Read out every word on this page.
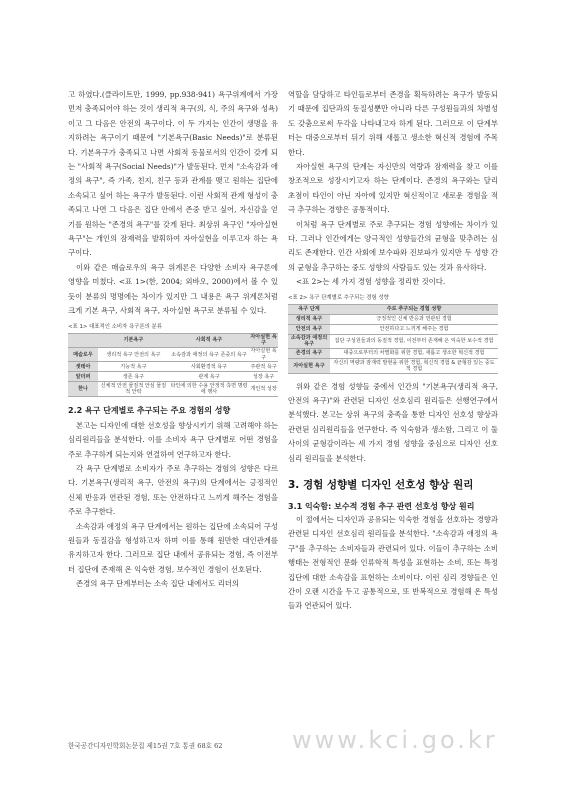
고 하였다.(클라이트만, 1999, pp.938-941) 욕구위계에서 가장 먼저 충족되어야 하는 것이 생리적 욕구(의, 식, 주의 욕구와 성욕)이고 그 다음은 안전의 욕구이다. 이 두 가지는 인간이 생명을 유지하려는 욕구이기 때문에 "기본욕구(Basic Needs)"로 분류된다. 기본욕구가 충족되고 나면 사회적 동물로서의 인간이 갖게 되는 "사회적 욕구(Social Needs)"가 발동된다. 먼저 "소속감과 애정의 욕구", 즉 가족, 친지, 친구 등과 관계를 맺고 원하는 집단에 소속되고 싶어 하는 욕구가 발동된다. 이런 사회적 관계 형성이 충족되고 나면 그 다음은 집단 안에서 존중 받고 싶어, 자신감을 얻기를 원하는 "존경의 욕구"를 갖게 된다. 최상위 욕구인 "자아실현 욕구"는 개인의 잠재력을 발휘하여 자아실현을 이루고자 하는 욕구이다.

이와 같은 매슬로우의 욕구 위계론은 다양한 소비자 욕구론에 영향을 미쳤다. <표 1>(한, 2004; 외바오, 2000)에서 볼 수 있듯이 분류의 명명에는 차이가 있지만 그 내용은 욕구 위계론처럼 크게 기본 욕구, 사회적 욕구, 자아실현 욕구로 분류될 수 있다.

<표 1> 대표적인 소비자 욕구론의 분류
	기본욕구	사회적 욕구	자아실현 욕구
매슬로우	생리적 욕구 안전의 욕구	소속감과 애정의 욕구 존중의 욕구	자아실현 욕구
셋테아	기능적 욕구	사회환경적 욕구	주관적 욕구
알더퍼	생존 욕구	관계 욕구	성장 욕구
한나	신체적 안전 물질적 안심 물질적 안락	타인에 의한 수용 안정적 측면 명령에 행사	개인적 성장
2.2 욕구 단계별로 추구되는 주요 경험의 성향

본고는 디자인에 대한 선호성을 향상시키기 위해 고려해야 하는 심리원리들을 분석한다. 이를 소비자 욕구 단계별로 어떤 경험을 주로 추구하게 되는지와 연결하여 연구하고자 한다.

각 욕구 단계별로 소비자가 주로 추구하는 경험의 성향은 다르다. 기본욕구(생리적 욕구, 안전의 욕구)의 단계에서는 긍정적인 신체 반응과 연관된 경험, 또는 안전하다고 느끼게 해주는 경험을 주로 추구한다.

소속감과 애정의 욕구 단계에서는 원하는 집단에 소속되어 구성원들과 동질감을 형성하고자 하며 이를 통해 원만한 대인관계를 유지하고자 한다. 그러므로 집단 내에서 공유되는 경험, 즉 이전부터 집단에 존재해 온 익숙한 경험, 보수적인 경험이 선호된다.

존경의 욕구 단계부터는 소속 집단 내에서도 리더의

역할을 담당하고 타인들로부터 존경을 획득하려는 욕구가 발동되기 때문에 집단과의 동질성뿐만 아니라 다른 구성원들과의 차별성도 갖춤으로써 두각을 나타내고자 하게 된다. 그러므로 이 단계부터는 대중으로부터 뒤기 위해 새롭고 생소한 혁신적 경험에 주목한다.

자아실현 욕구의 단계는 자신만의 역량과 잠재력을 찾고 이를 창조적으로 성장시키고자 하는 단계이다. 존경의 욕구와는 달리 초점이 타인이 아닌 자아에 있지만 혁신적이고 새로운 경험을 적극 추구하는 경향은 공통적이다.

이처럼 욕구 단계별로 주로 추구되는 경험 성향에는 차이가 있다. 그러나 인간에게는 양극적인 성향들간의 균형을 맞추려는 심리도 존재한다. 인간 사회에 보수파와 진보파가 있지만 두 성향 간의 균형을 추구하는 중도 성향의 사람들도 있는 것과 유사하다.

<표 2>는 세 가지 경험 성향을 정리한 것이다.

<표 2> 욕구 단계별로 추구되는 경험 성향
욕구 단계	주로 추구되는 경험 성향
생리적 욕구	긍정적인 신체 반응과 연관된 경험
안전의 욕구	안전하다고 느끼게 해주는 경험
소속감과 애정의 욕구	집단 구성원들과의 동질적 경험, 이전부터 존재해 온 익숙한 보수적 경험
존경의 욕구	대중으로부터의 차별화를 위한 경험, 새롭고 생소한 혁신적 경험
자아실현 욕구	자신의 역량과 잠재력 발현을 위한 경험, 혁신적 경험 & 균형감 있는 중도적 경험

위와 같은 경험 성향들 중에서 인간의 "기본욕구(생리적 욕구, 안전의 욕구)"와 관련된 디자인 선호심리 원리들은 선행연구에서 분석했다. 본고는 상위 욕구의 충족을 통한 디자인 선호성 향상과 관련된 심리원리들을 연구한다. 즉 익숙함과 생소함, 그리고 이 둘 사이의 균형감이라는 세 가지 경험 성향을 중심으로 디자인 선호심리 원리들을 분석한다.

3. 경험 성향별 디자인 선호성 향상 원리
3.1 익숙함: 보수적 경험 추구 관련 선호성 향상 원리

이 절에서는 디자인과 공유되는 익숙한 경험을 선호하는 경향과 관련된 디자인 선호심리 원리들을 분석한다. "소속감과 애정의 욕구"를 추구하는 소비자들과 관련되어 있다. 이들이 추구하는 소비 행태는 전형적인 문화 인류학적 특성을 표현하는 소비, 또는 특정 집단에 대한 소속감을 표현하는 소비이다. 이런 심리 경향들은 인간이 오랜 시간을 두고 공통적으로, 또 반복적으로 경험해 온 특성들과 연관되어 있다.

한국공간디자인학회논문집 제15권 7호 통권 68호 62	www.kci.go.kr
